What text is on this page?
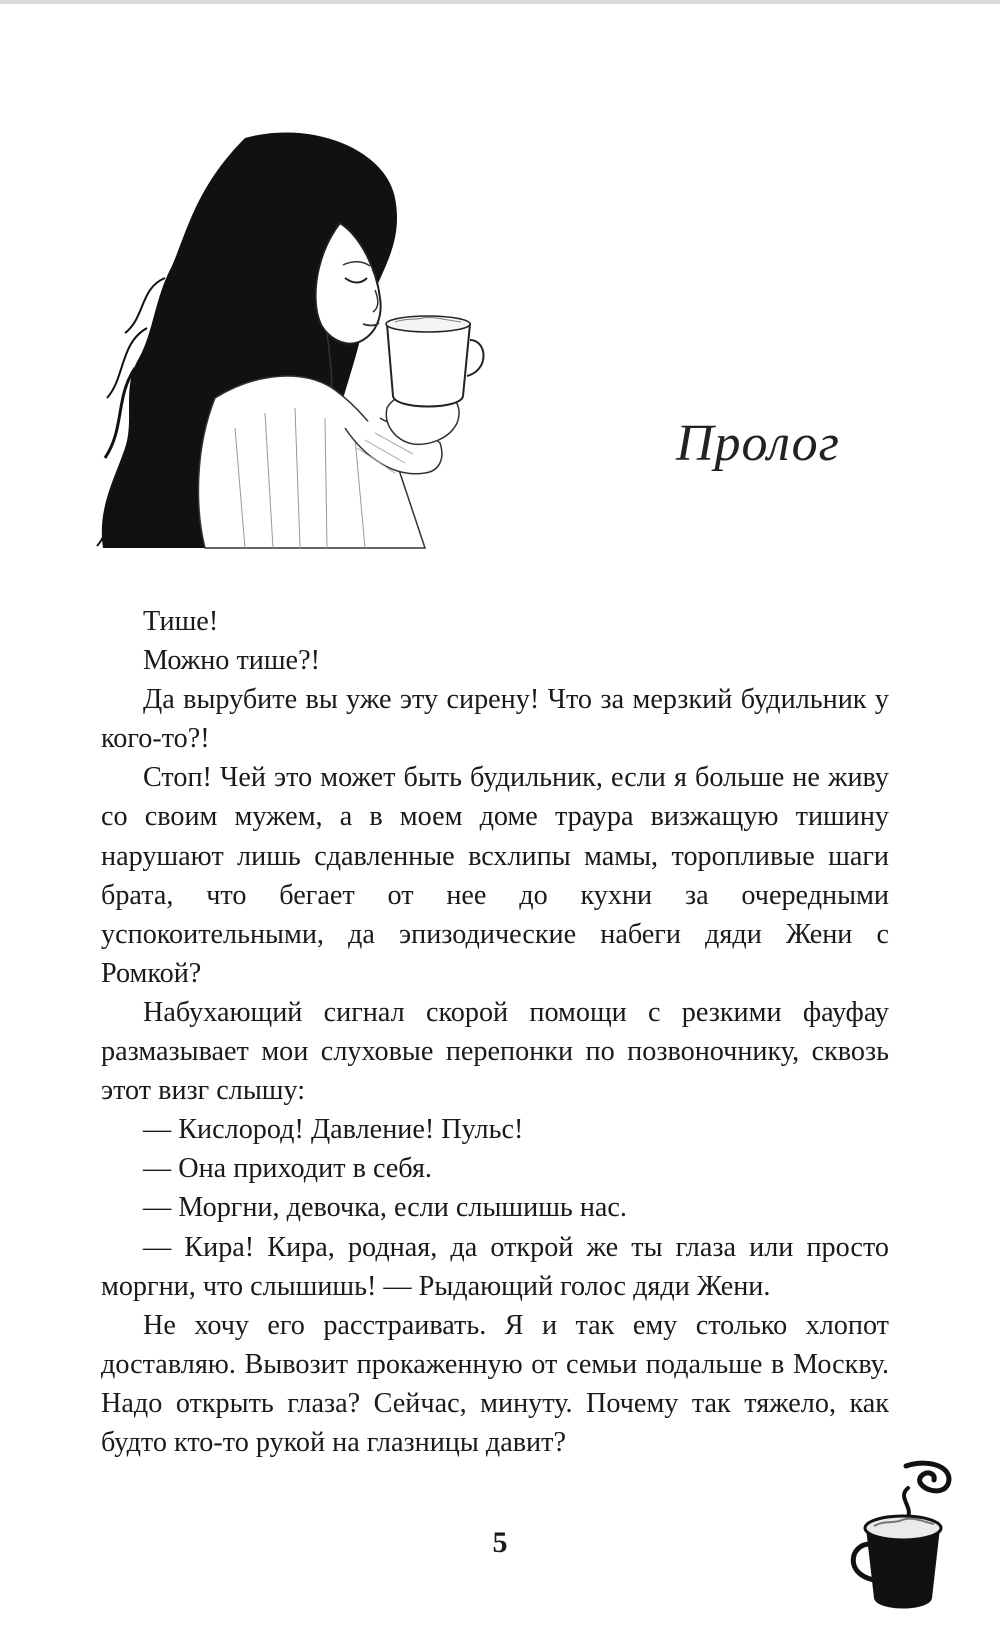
Пролог

Тише!

Можно тише?!

Да вырубите вы уже эту сирену! Что за мерзкий будильник у кого-то?!

Стоп! Чей это может быть будильник, если я больше не живу со своим мужем, а в моем доме траура визжащую тишину нарушают лишь сдавленные всхлипы мамы, торопливые шаги брата, что бегает от нее до кухни за очередными успокоительными, да эпизодические набеги дяди Жени с Ромкой?

Набухающий сигнал скорой помощи с резкими фауфау размазывает мои слуховые перепонки по позвоночнику, сквозь этот визг слышу:

— Кислород! Давление! Пульс!

— Она приходит в себя.

— Моргни, девочка, если слышишь нас.

— Кира! Кира, родная, да открой же ты глаза или просто моргни, что слышишь! — Рыдающий голос дяди Жени.

Не хочу его расстраивать. Я и так ему столько хлопот доставляю. Вывозит прокаженную от семьи подальше в Москву. Надо открыть глаза? Сейчас, минуту. Почему так тяжело, как будто кто-то рукой на глазницы давит?

5
